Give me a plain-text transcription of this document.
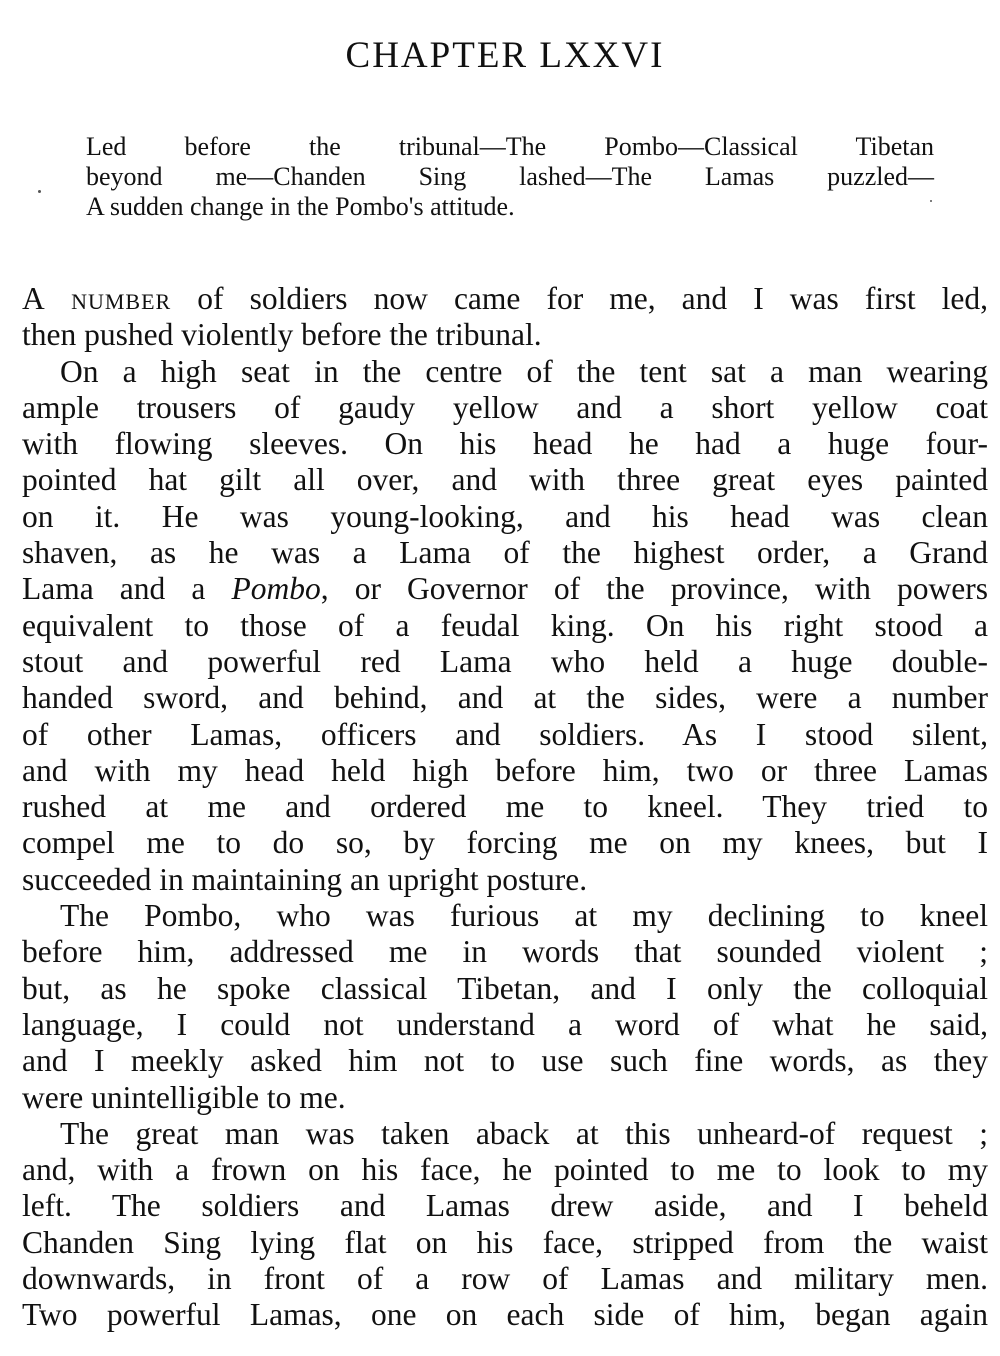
CHAPTER LXXVI
Led before the tribunal—The Pombo—Classical Tibetan
beyond me—Chanden Sing lashed—The Lamas puzzled—
A sudden change in the Pombo's attitude.

A number of soldiers now came for me, and I was first led,
then pushed violently before the tribunal.

On a high seat in the centre of the tent sat a man wearing
ample trousers of gaudy yellow and a short yellow coat
with flowing sleeves. On his head he had a huge four-
pointed hat gilt all over, and with three great eyes painted
on it. He was young-looking, and his head was clean
shaven, as he was a Lama of the highest order, a Grand
Lama and a Pombo, or Governor of the province, with powers
equivalent to those of a feudal king. On his right stood a
stout and powerful red Lama who held a huge double-
handed sword, and behind, and at the sides, were a number
of other Lamas, officers and soldiers. As I stood silent,
and with my head held high before him, two or three Lamas
rushed at me and ordered me to kneel. They tried to
compel me to do so, by forcing me on my knees, but I
succeeded in maintaining an upright posture.

The Pombo, who was furious at my declining to kneel
before him, addressed me in words that sounded violent ;
but, as he spoke classical Tibetan, and I only the colloquial
language, I could not understand a word of what he said,
and I meekly asked him not to use such fine words, as they
were unintelligible to me.

The great man was taken aback at this unheard-of request ;
and, with a frown on his face, he pointed to me to look to my
left. The soldiers and Lamas drew aside, and I beheld
Chanden Sing lying flat on his face, stripped from the waist
downwards, in front of a row of Lamas and military men.
Two powerful Lamas, one on each side of him, began again
